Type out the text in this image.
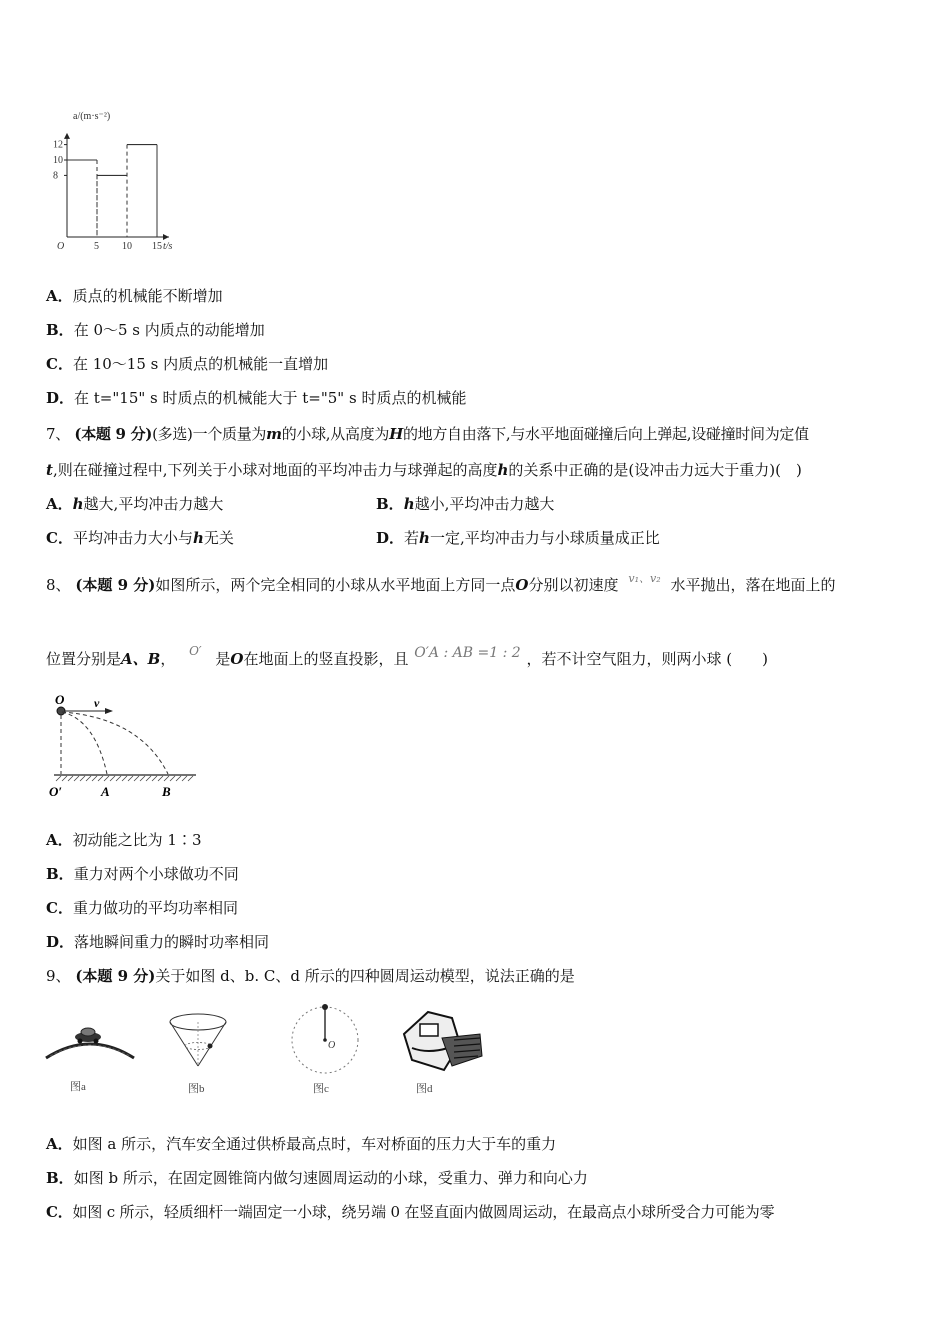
a/(m·s⁻²)
t/s
O	5 10 15
12
10
8
A．质点的机械能不断增加
B．在 0～5 s 内质点的动能增加
C．在 10～15 s 内质点的机械能一直增加
D．在 t="15" s 时质点的机械能大于 t="5" s 时质点的机械能
7、 (本题 9 分)(多选)一个质量为m的小球,从高度为H的地方自由落下,与水平地面碰撞后向上弹起,设碰撞时间为定值
t,则在碰撞过程中,下列关于小球对地面的平均冲击力与球弹起的高度h的关系中正确的是(设冲击力远大于重力)(　)
A．h越大,平均冲击力越大	B．h越小,平均冲击力越大
C．平均冲击力大小与h无关	D．若h一定,平均冲击力与小球质量成正比
8、 (本题 9 分)如图所示，两个完全相同的小球从水平地面上方同一点O分别以初速度 v₁、v₂ 水平抛出，落在地面上的
位置分别是A、B， O′ 是O在地面上的竖直投影，且 O′A : AB =1 : 2 ，若不计空气阻力，则两小球 (　　)
O v
O′	A	B
A．初动能之比为 1∶3
B．重力对两个小球做功不同
C．重力做功的平均功率相同
D．落地瞬间重力的瞬时功率相同
9、 (本题 9 分)关于如图 d、b. C、d 所示的四种圆周运动模型，说法正确的是
图a	图b
O
图c	图d
A．如图 a 所示，汽车安全通过供桥最高点时，车对桥面的压力大于车的重力
B．如图 b 所示，在固定圆锥筒内做匀速圆周运动的小球，受重力、弹力和向心力
C．如图 c 所示，轻质细杆一端固定一小球，绕另端 0 在竖直面内做圆周运动，在最高点小球所受合力可能为零
